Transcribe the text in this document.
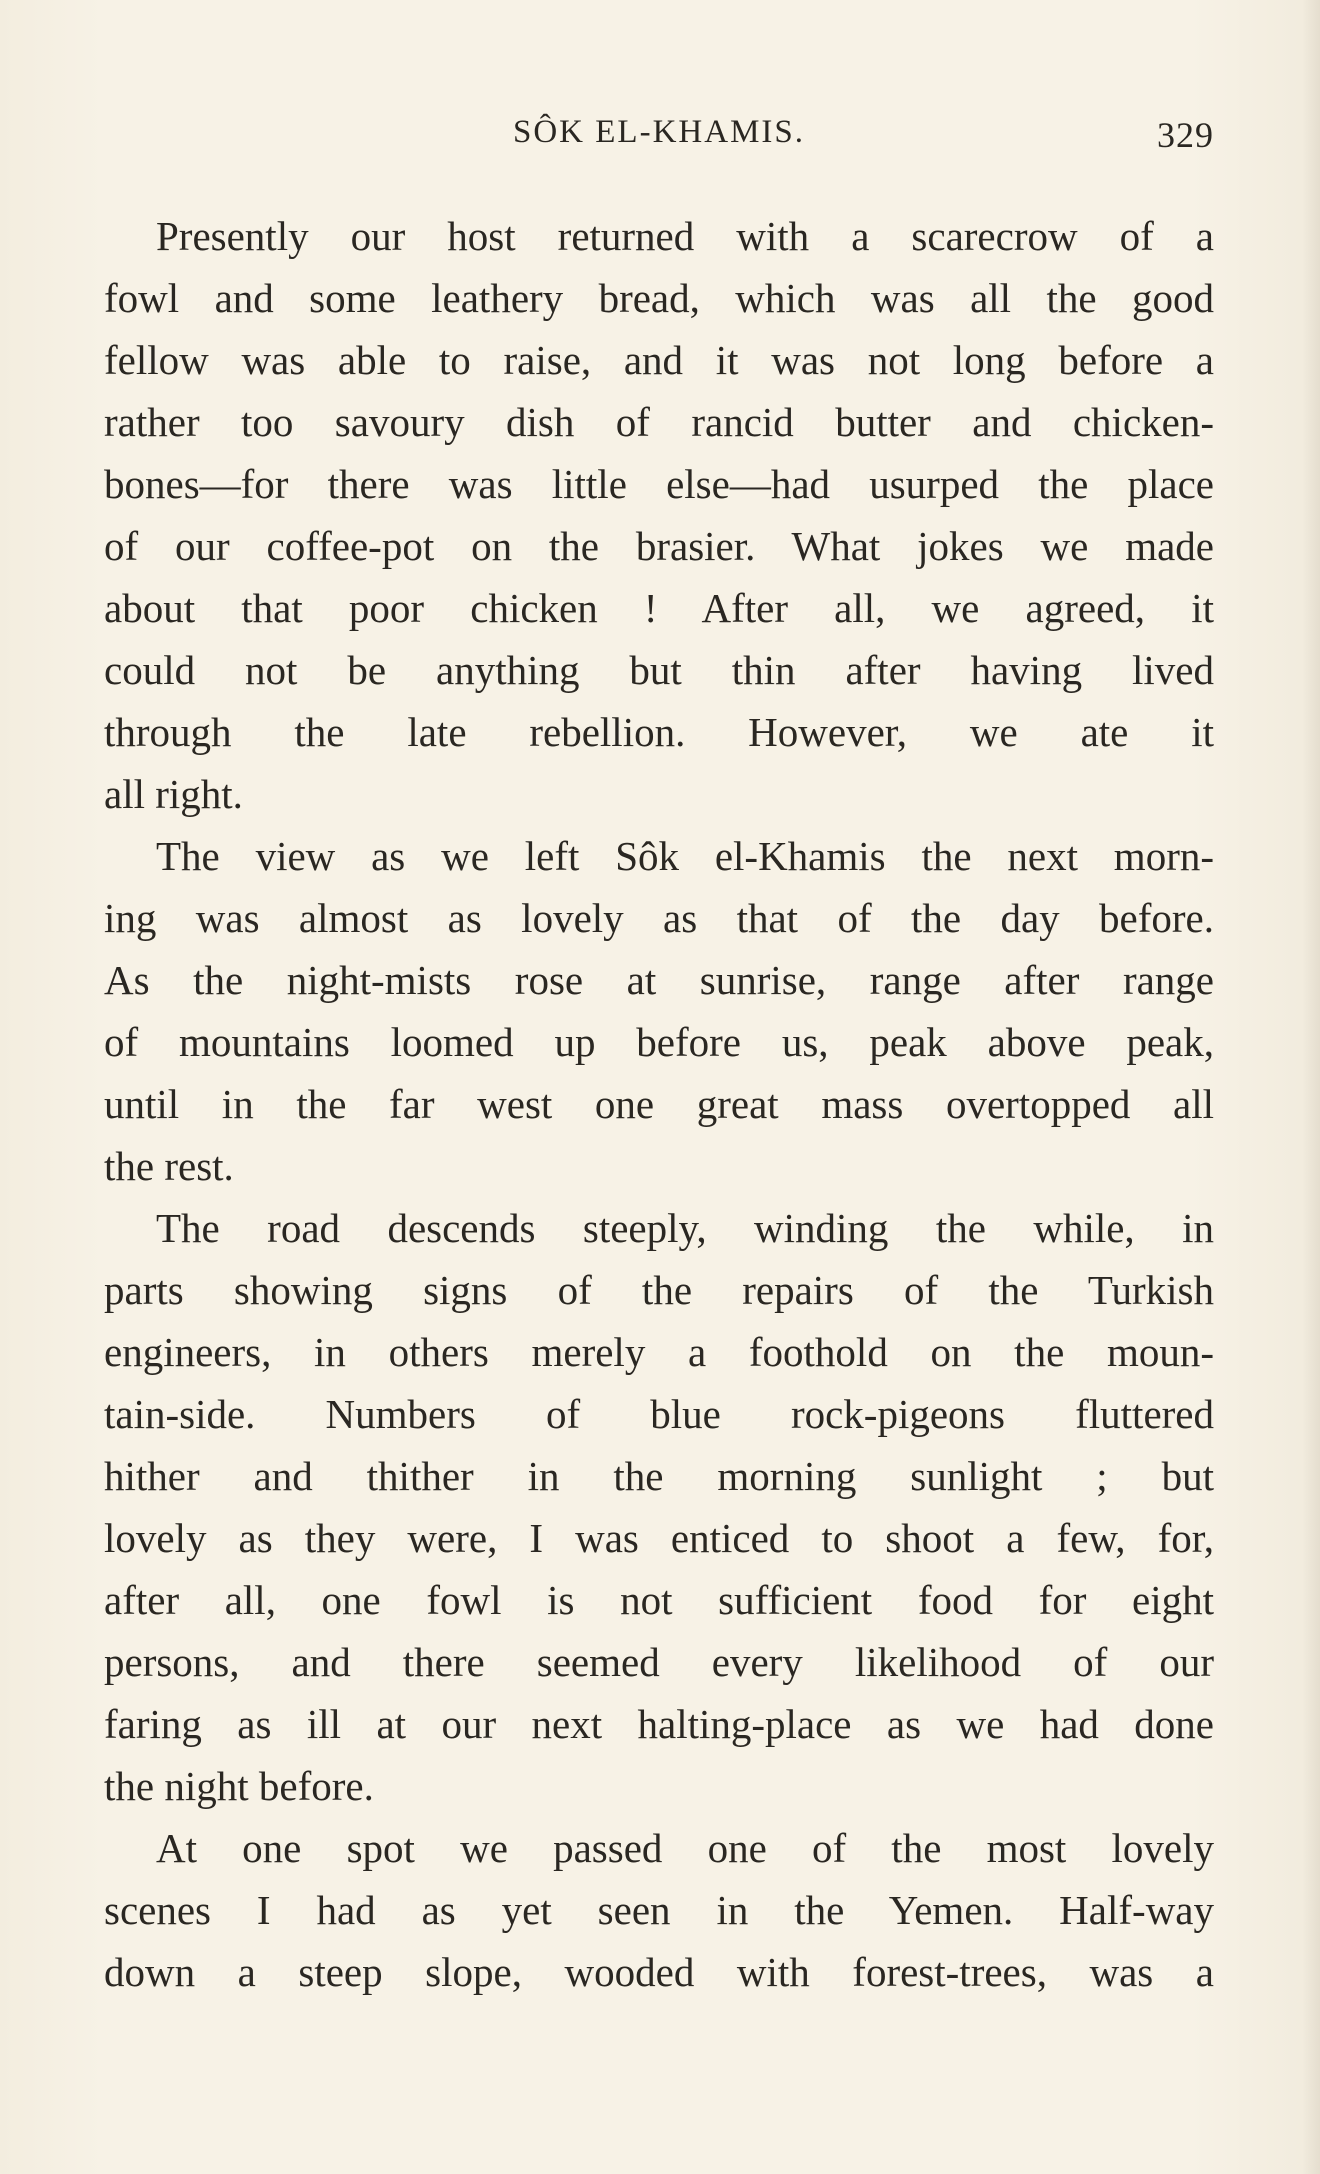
SÔK EL-KHAMIS.	329
Presently our host returned with a scarecrow of a
fowl and some leathery bread, which was all the good
fellow was able to raise, and it was not long before a
rather too savoury dish of rancid butter and chicken-
bones—for there was little else—had usurped the place
of our coffee-pot on the brasier. What jokes we made
about that poor chicken ! After all, we agreed, it
could not be anything but thin after having lived
through the late rebellion. However, we ate it
all right.
The view as we left Sôk el-Khamis the next morn-
ing was almost as lovely as that of the day before.
As the night-mists rose at sunrise, range after range
of mountains loomed up before us, peak above peak,
until in the far west one great mass overtopped all
the rest.
The road descends steeply, winding the while, in
parts showing signs of the repairs of the Turkish
engineers, in others merely a foothold on the moun-
tain-side. Numbers of blue rock-pigeons fluttered
hither and thither in the morning sunlight ; but
lovely as they were, I was enticed to shoot a few, for,
after all, one fowl is not sufficient food for eight
persons, and there seemed every likelihood of our
faring as ill at our next halting-place as we had done
the night before.
At one spot we passed one of the most lovely
scenes I had as yet seen in the Yemen. Half-way
down a steep slope, wooded with forest-trees, was a
